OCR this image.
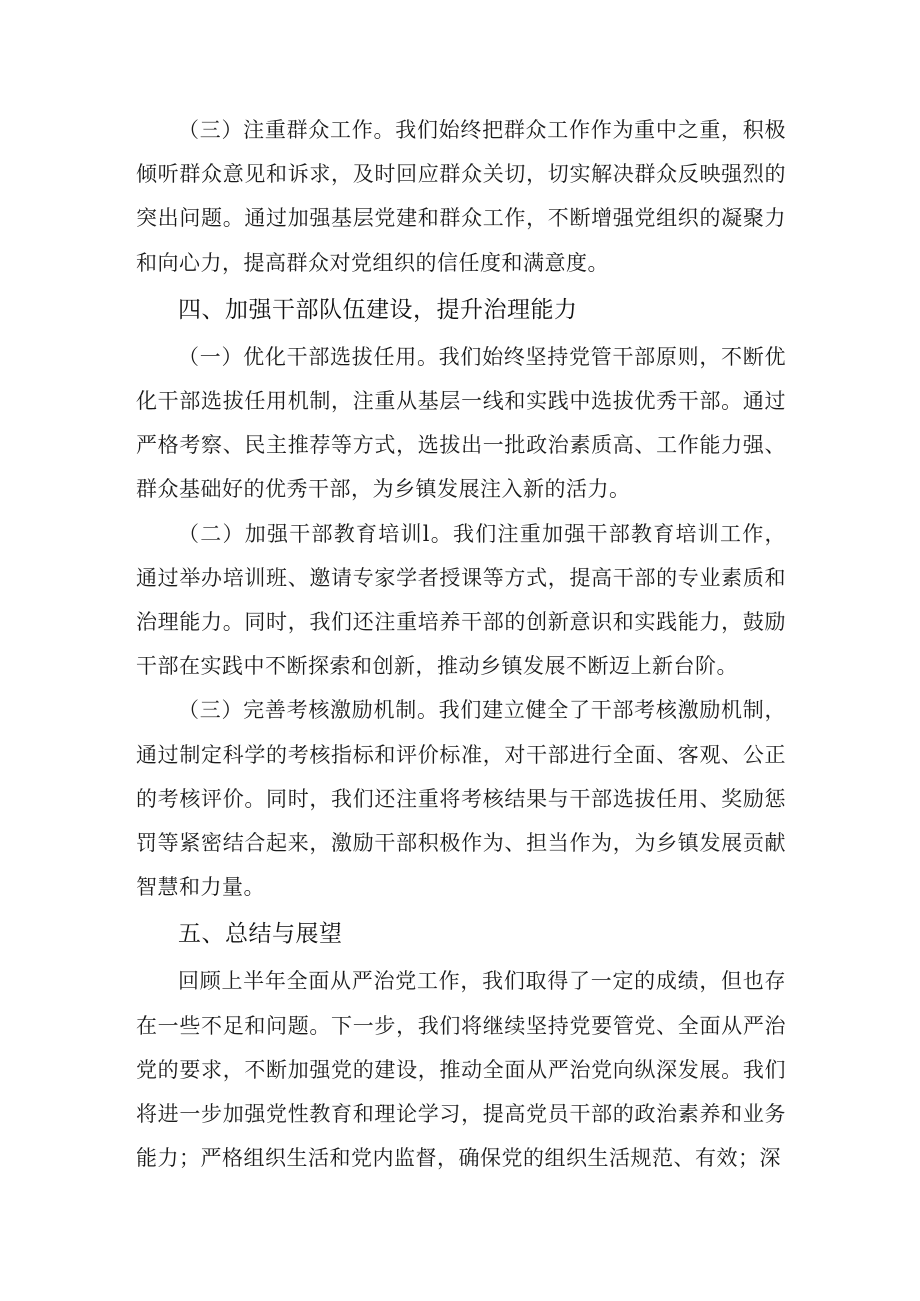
（三）注重群众工作。我们始终把群众工作作为重中之重，积极倾听群众意见和诉求，及时回应群众关切，切实解决群众反映强烈的突出问题。通过加强基层党建和群众工作，不断增强党组织的凝聚力和向心力，提高群众对党组织的信任度和满意度。

四、加强干部队伍建设，提升治理能力

（一）优化干部选拔任用。我们始终坚持党管干部原则，不断优化干部选拔任用机制，注重从基层一线和实践中选拔优秀干部。通过严格考察、民主推荐等方式，选拔出一批政治素质高、工作能力强、群众基础好的优秀干部，为乡镇发展注入新的活力。

（二）加强干部教育培训l。我们注重加强干部教育培训工作，通过举办培训班、邀请专家学者授课等方式，提高干部的专业素质和治理能力。同时，我们还注重培养干部的创新意识和实践能力，鼓励干部在实践中不断探索和创新，推动乡镇发展不断迈上新台阶。

（三）完善考核激励机制。我们建立健全了干部考核激励机制，通过制定科学的考核指标和评价标准，对干部进行全面、客观、公正的考核评价。同时，我们还注重将考核结果与干部选拔任用、奖励惩罚等紧密结合起来，激励干部积极作为、担当作为，为乡镇发展贡献智慧和力量。

五、总结与展望

回顾上半年全面从严治党工作，我们取得了一定的成绩，但也存在一些不足和问题。下一步，我们将继续坚持党要管党、全面从严治党的要求，不断加强党的建设，推动全面从严治党向纵深发展。我们将进一步加强党性教育和理论学习，提高党员干部的政治素养和业务能力；严格组织生活和党内监督，确保党的组织生活规范、有效；深
